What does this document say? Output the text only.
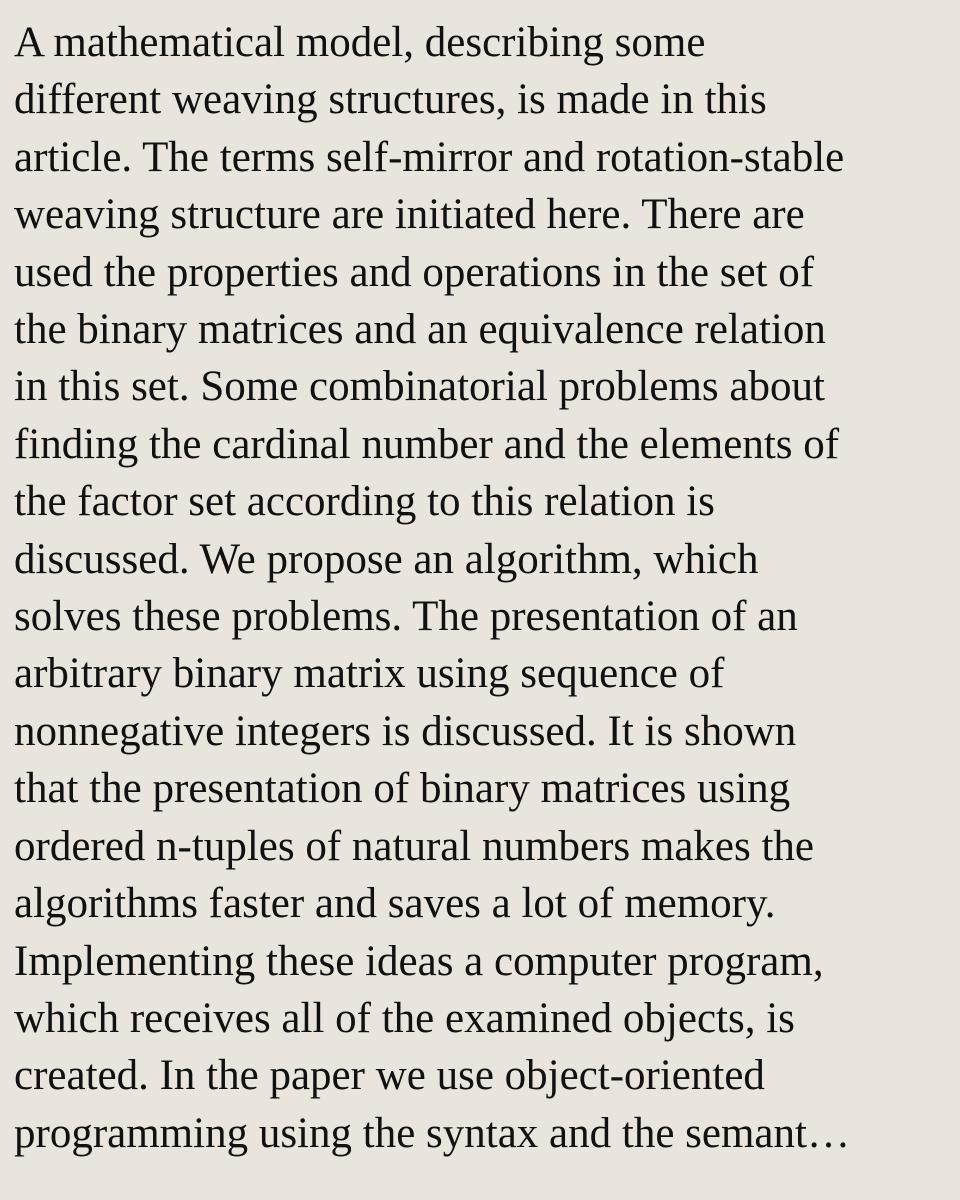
A mathematical model, describing some
different weaving structures, is made in this
article. The terms self-mirror and rotation-stable
weaving structure are initiated here. There are
used the properties and operations in the set of
the binary matrices and an equivalence relation
in this set. Some combinatorial problems about
finding the cardinal number and the elements of
the factor set according to this relation is
discussed. We propose an algorithm, which
solves these problems. The presentation of an
arbitrary binary matrix using sequence of
nonnegative integers is discussed. It is shown
that the presentation of binary matrices using
ordered n-tuples of natural numbers makes the
algorithms faster and saves a lot of memory.
Implementing these ideas a computer program,
which receives all of the examined objects, is
created. In the paper we use object-oriented
programming using the syntax and the semant…
